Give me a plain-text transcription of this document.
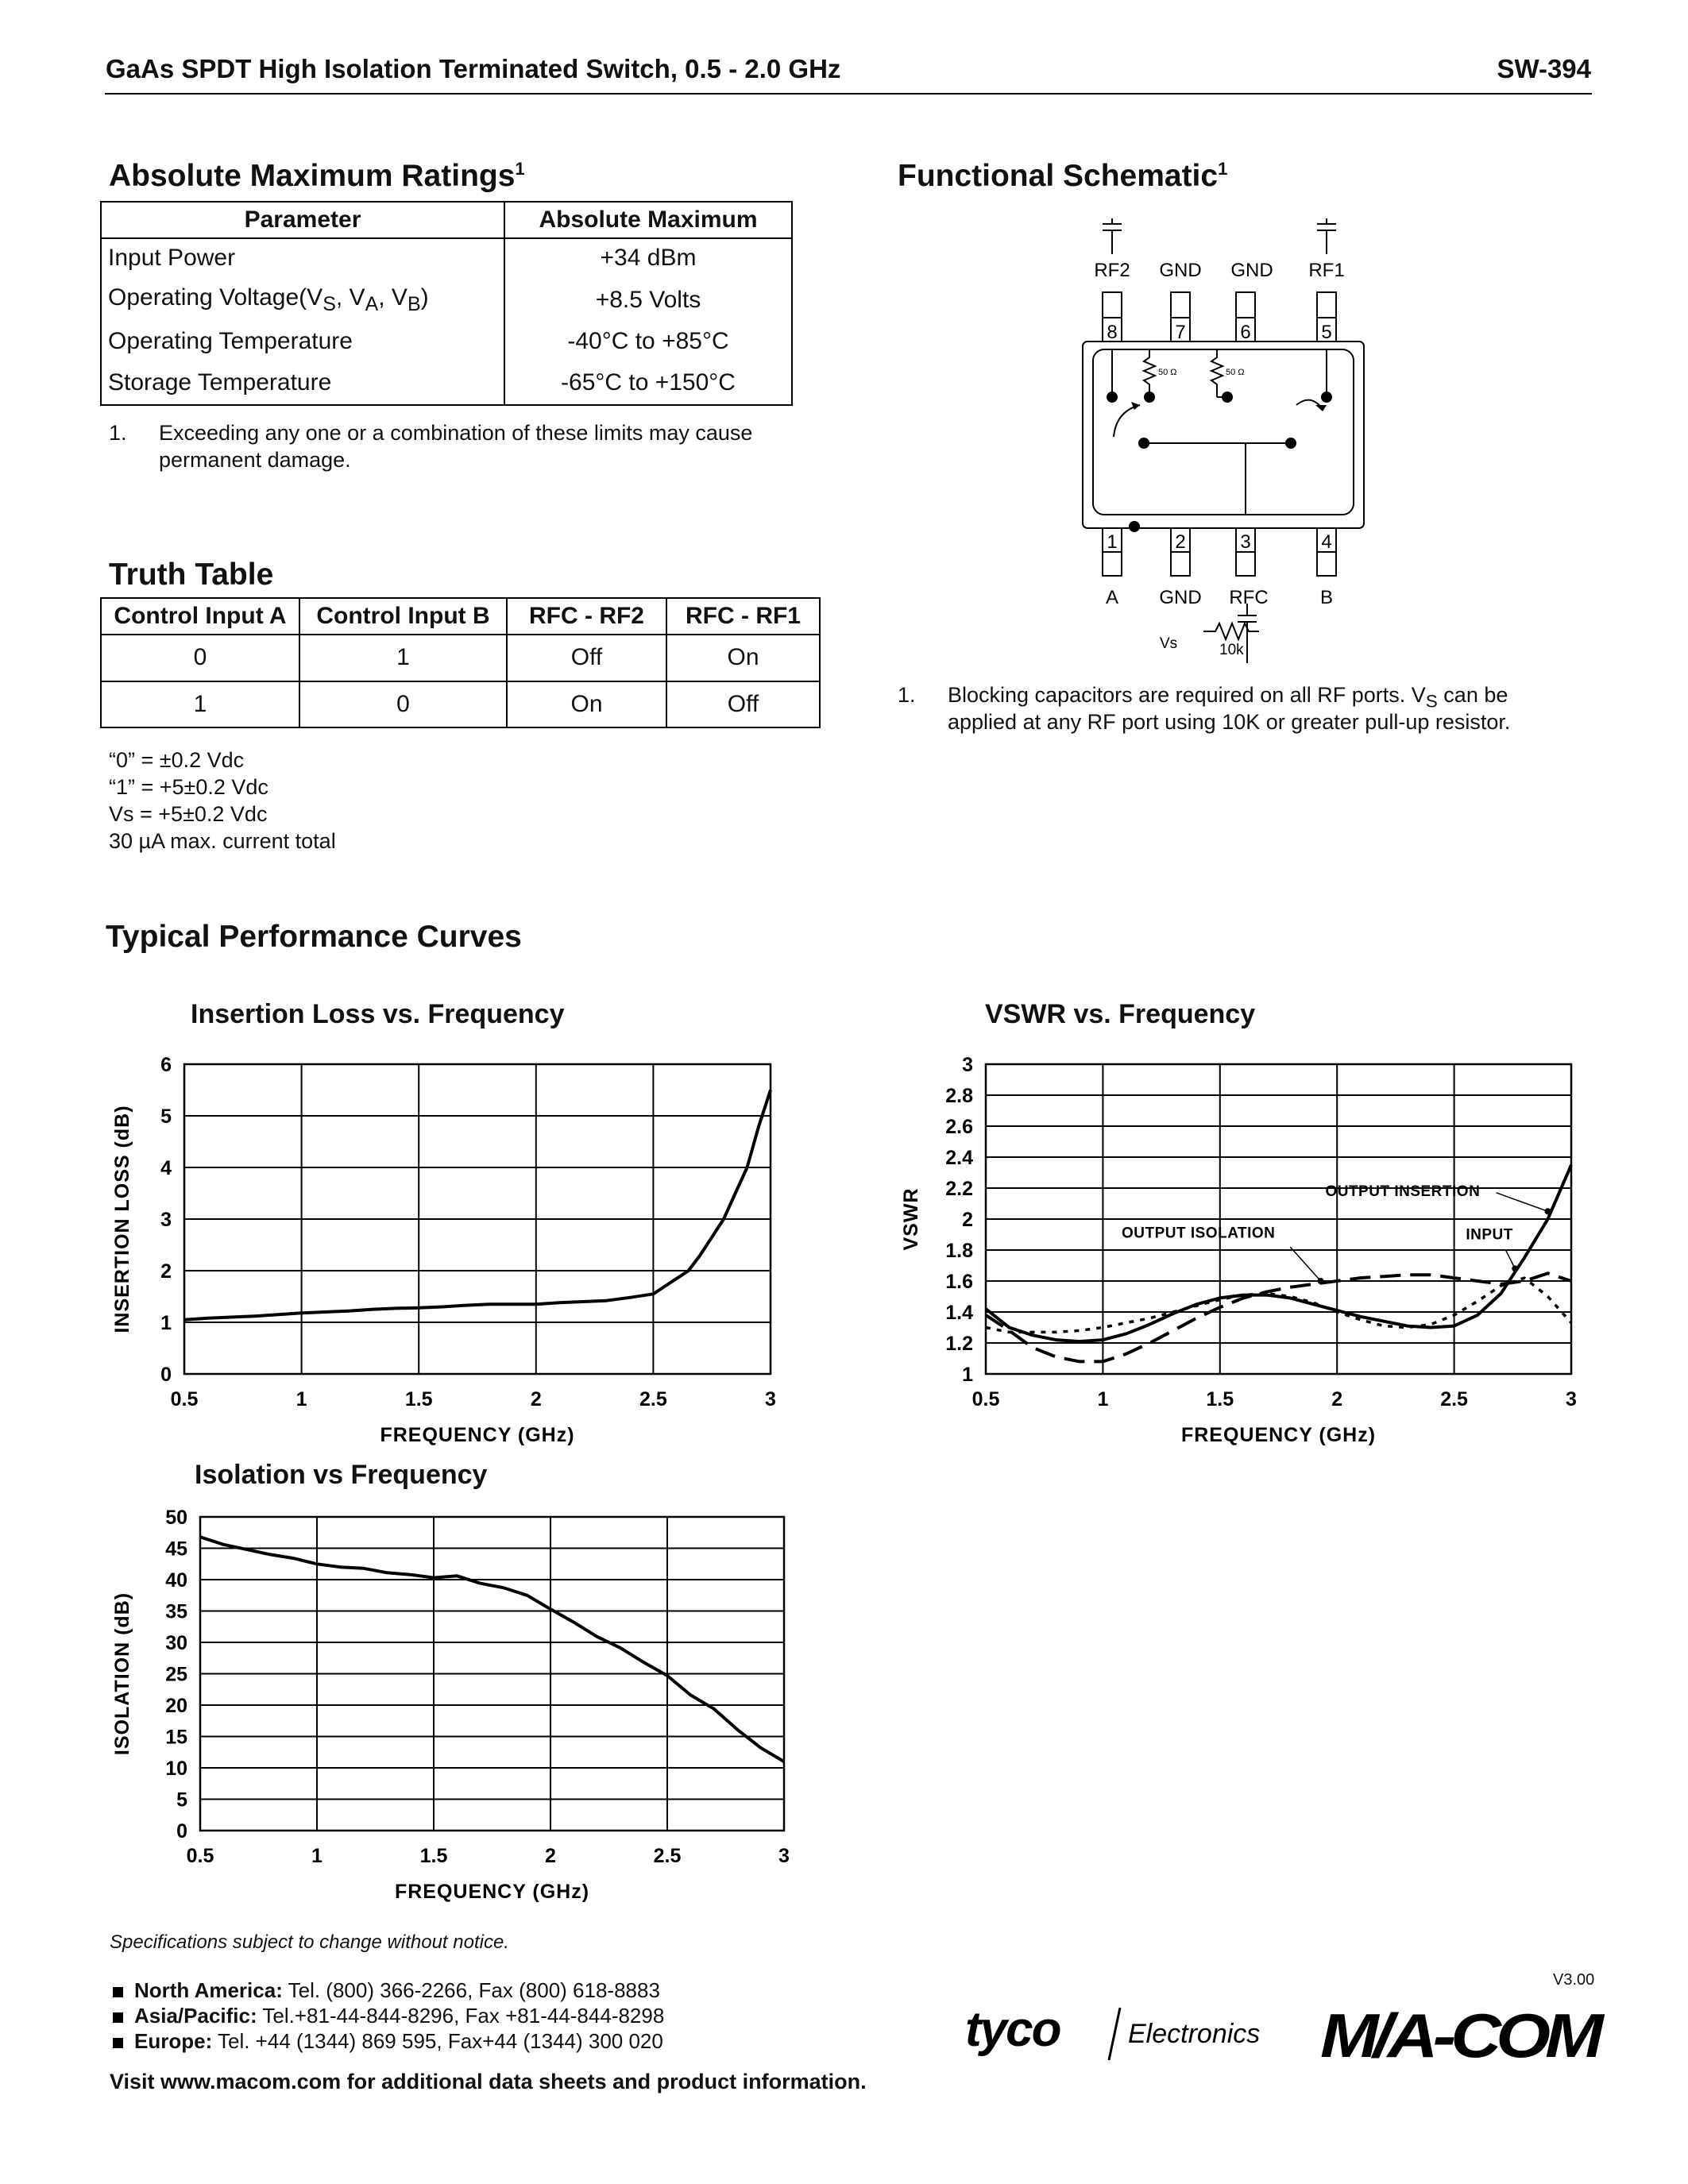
GaAs SPDT High Isolation Terminated Switch, 0.5 - 2.0 GHz	SW-394
Absolute Maximum Ratings$^1$
Parameter	Absolute Maximum
Input Power	+34 dBm
Operating $Voltage(V_S$, $V_A$, $V_B$)	+8.5 Volts
Operating Temperature	-40°C to +85°C
Storage Temperature	-65°C to +150°C
1. Exceeding any one or a combination of these limits may cause permanent damage.
Truth Table
Control Input A	Control Input B	RFC - RF2	RFC - RF1
0	1	Off	On
1	0	On	Off
“0” = ±0.2 Vdc
“1” = +5±0.2 Vdc
Vs = +5±0.2 Vdc
30 µA max. current total
Functional Schematic$^1$
RF2 GND GND RF1
8	7	6	5
1	2	3	4
A GND RFC	B
50 Ω	50 Ω
Vs	10k
1. Blocking capacitors are required on all RF ports. $V_S$ can be
applied at any RF port using 10K or greater pull-up resistor.
Typical Performance Curves
Insertion Loss vs. Frequency
0.5	1	1.5	2	2.5	3
0
1
2
3
4
5
6
FREQUENCY (GHz)
INSERTION LOSS (dB)
VSWR vs. Frequency
0.5	1	1.5	2	2.5	3
1
1.2
1.4
1.6
1.8
2
2.2
2.4
2.6
2.8
3
FREQUENCY (GHz)
VSWR	OUTPUT INSERTION
OUTPUT ISOLATION	INPUT
Isolation vs Frequency
0.5	1	1.5	2	2.5	3
0
5
10
15
20
25
30
35
40
45
50
FREQUENCY (GHz)
ISOLATION (dB)
Specifications subject to change without notice.
North America: Tel. (800) 366-2266, Fax (800) 618-8883
Asia/Pacific: Tel.+81-44-844-8296, Fax +81-44-844-8298
Europe: Tel. +44 (1344) 869 595, Fax+44 (1344) 300 020
Visit www.macom.com for additional data sheets and product information.
V3.00
tyco	Electronics M/A-COM
